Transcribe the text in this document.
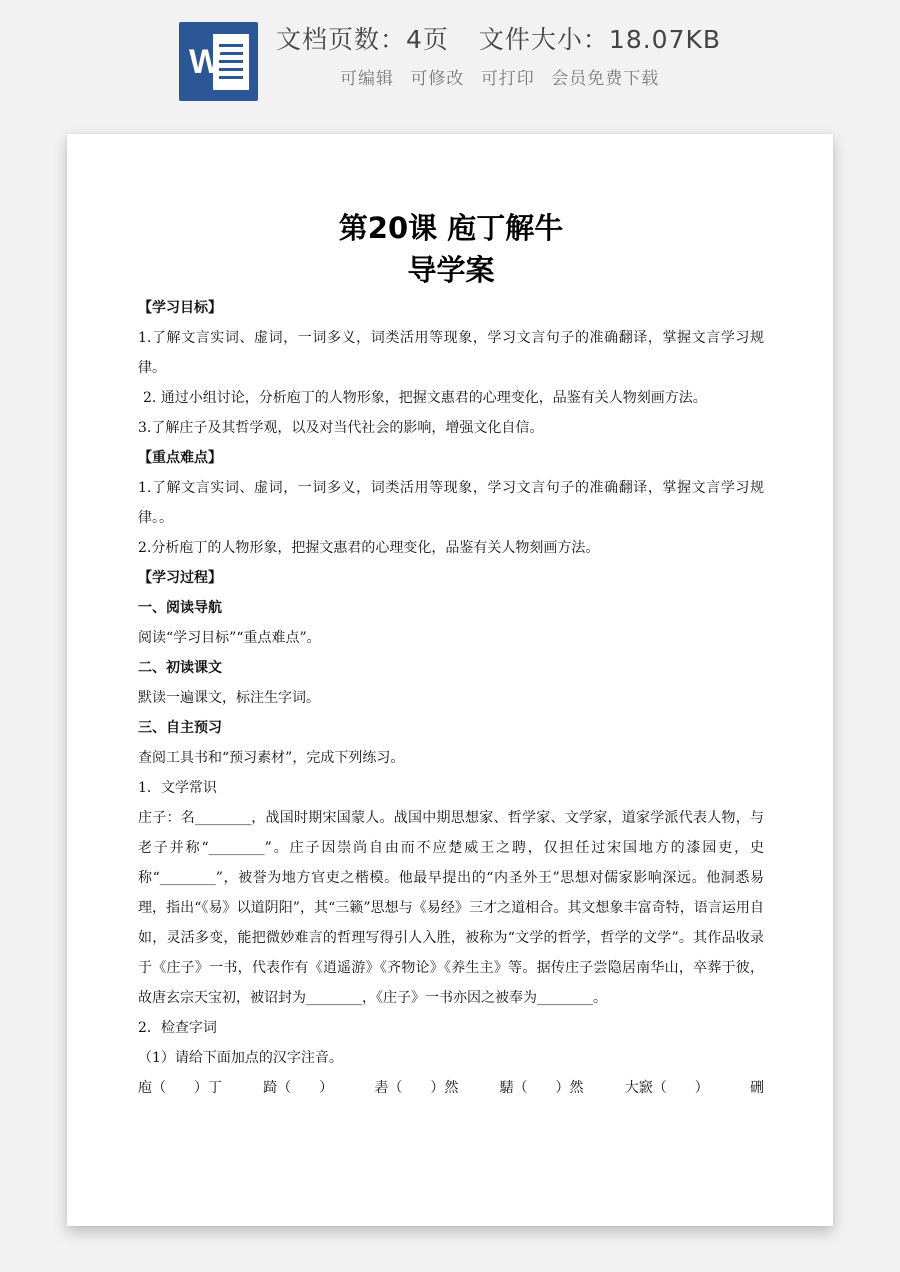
W
文档页数：4页 文件大小：18.07KB
可编辑 可修改 可打印 会员免费下载
第20课 庖丁解牛
导学案

【学习目标】

1.了解文言实词、虚词，一词多义，词类活用等现象，学习文言句子的准确翻译，掌握文言学习规律。

2. 通过小组讨论，分析庖丁的人物形象，把握文惠君的心理变化，品鉴有关人物刻画方法。

3.了解庄子及其哲学观，以及对当代社会的影响，增强文化自信。

【重点难点】

1.了解文言实词、虚词，一词多义，词类活用等现象，学习文言句子的准确翻译，掌握文言学习规律。。

2.分析庖丁的人物形象，把握文惠君的心理变化，品鉴有关人物刻画方法。

【学习过程】

一、阅读导航

阅读“学习目标”“重点难点”。

二、初读课文

默读一遍课文，标注生字词。

三、自主预习

查阅工具书和“预习素材”，完成下列练习。

1．文学常识

庄子：名________，战国时期宋国蒙人。战国中期思想家、哲学家、文学家，道家学派代表人物，与老子并称“________”。庄子因崇尚自由而不应楚威王之聘，仅担任过宋国地方的漆园吏，史称“________”，被誉为地方官吏之楷模。他最早提出的“内圣外王”思想对儒家影响深远。他洞悉易理，指出“《易》以道阴阳”，其“三籁”思想与《易经》三才之道相合。其文想象丰富奇特，语言运用自如，灵活多变，能把微妙难言的哲理写得引人入胜，被称为“文学的哲学，哲学的文学”。其作品收录于《庄子》一书，代表作有《逍遥游》《齐物论》《养生主》等。据传庄子尝隐居南华山，卒葬于彼，故唐玄宗天宝初，被诏封为________，《庄子》一书亦因之被奉为________。

2．检查字词

（1）请给下面加点的汉字注音。

庖（　　）丁	踦（　　）	砉（　　）然	騞（　　）然	大窾（　　）	硎
